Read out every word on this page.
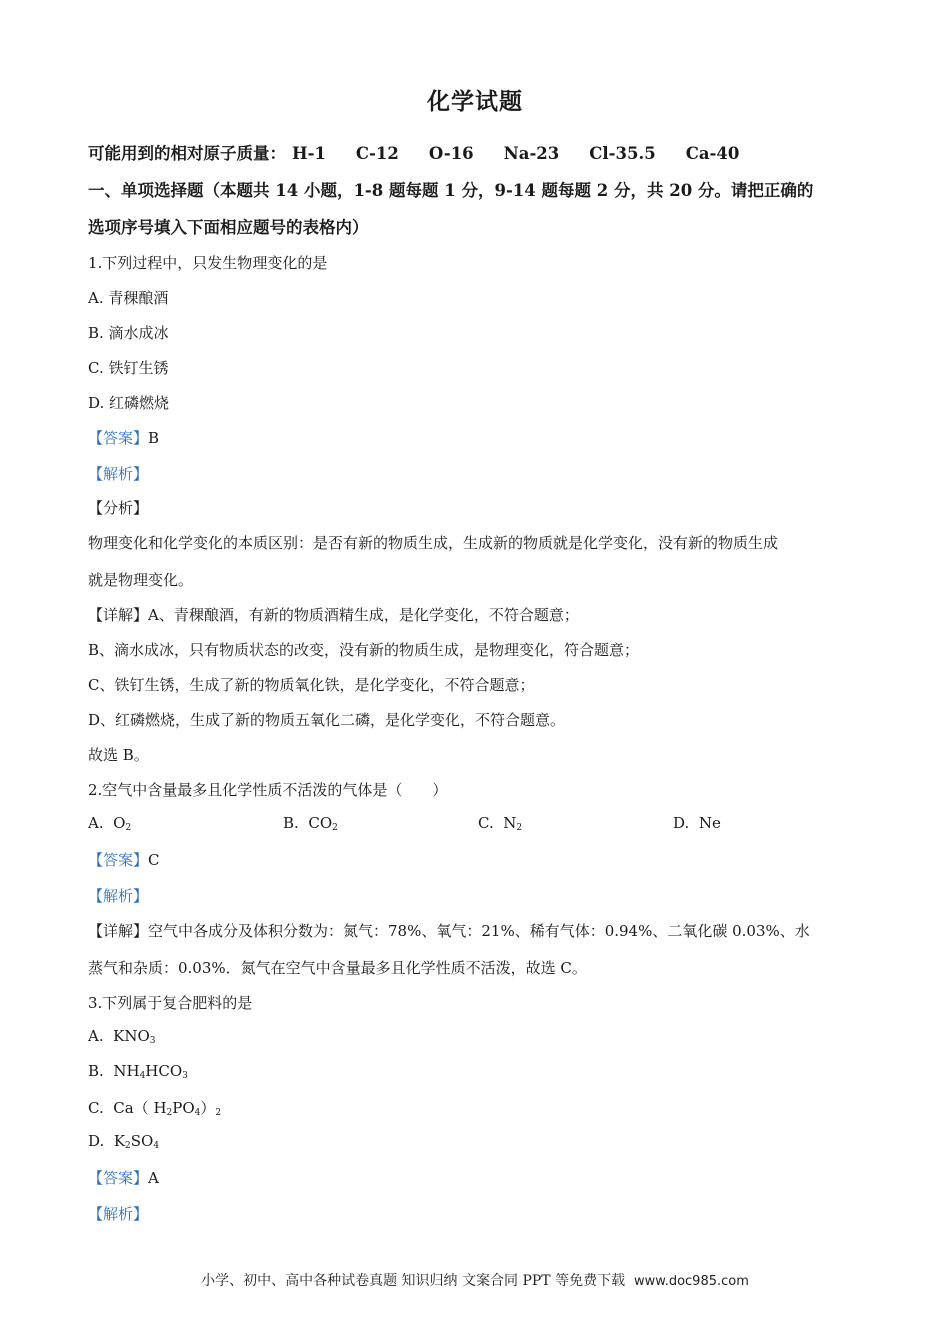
化学试题
可能用到的相对原子质量： H-1 C-12 O-16 Na-23 Cl-35.5 Ca-40
一、单项选择题（本题共 14 小题，1-8 题每题 1 分，9-14 题每题 2 分，共 20 分。请把正确的
选项序号填入下面相应题号的表格内）
1.下列过程中，只发生物理变化的是
A. 青稞酿酒
B. 滴水成冰
C. 铁钉生锈
D. 红磷燃烧
【答案】B
【解析】
【分析】
物理变化和化学变化的本质区别：是否有新的物质生成，生成新的物质就是化学变化，没有新的物质生成
就是物理变化。
【详解】A、青稞酿酒，有新的物质酒精生成，是化学变化，不符合题意；
B、滴水成冰，只有物质状态的改变，没有新的物质生成，是物理变化，符合题意；
C、铁钉生锈，生成了新的物质氧化铁，是化学变化，不符合题意；
D、红磷燃烧，生成了新的物质五氧化二磷，是化学变化，不符合题意。
故选 B。
2.空气中含量最多且化学性质不活泼的气体是（　　）
A. $O_2$	B. $CO_2$	C. $N_2$	D. Ne
【答案】C
【解析】
【详解】空气中各成分及体积分数为：氮气：78%、氧气：21%、稀有气体：0.94%、二氧化碳 0.03%、水
蒸气和杂质：0.03%．氮气在空气中含量最多且化学性质不活泼，故选 C。
3.下列属于复合肥料的是
A. $KNO_3$
B. $NH_4HCO_3$
C. Ca（ $H_2PO_4)_2$
D. $K_2SO_4$
【答案】A
【解析】
小学、初中、高中各种试卷真题 知识归纳 文案合同 PPT 等免费下载 www.doc985.com
